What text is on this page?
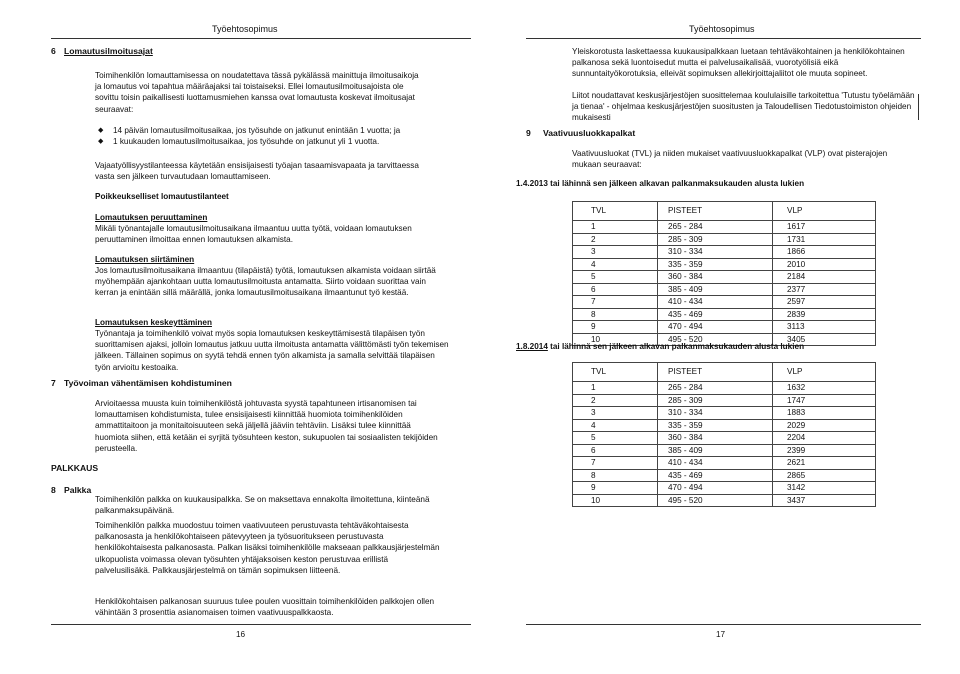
Työehtosopimus
6 Lomautusilmoitusajat

Toimihenkilön lomauttamisessa on noudatettava tässä pykälässä mainittuja ilmoitusaikoja ja lomautus voi tapahtua määräajaksi tai toistaiseksi. Ellei lomautusilmoitusajoista ole sovittu toisin paikallisesti luottamusmiehen kanssa ovat lomautusta koskevat ilmoitusajat seuraavat:

◆ 14 päivän lomautusilmoitusaikaa, jos työsuhde on jatkunut enintään 1 vuotta; ja
◆ 1 kuukauden lomautusilmoitusaikaa, jos työsuhde on jatkunut yli 1 vuotta.

Vajaatyöllisyystilanteessa käytetään ensisijaisesti työajan tasaamisvapaata ja tarvittaessa vasta sen jälkeen turvautudaan lomauttamiseen.

Poikkeukselliset lomautustilanteet
Lomautuksen peruuttaminen

Mikäli työnantajalle lomautusilmoitusaikana ilmaantuu uutta työtä, voidaan lomautuksen peruuttaminen ilmoittaa ennen lomautuksen alkamista.

Lomautuksen siirtäminen

Jos lomautusilmoitusaikana ilmaantuu (tilapäistä) työtä, lomautuksen alkamista voidaan siirtää myöhempään ajankohtaan uutta lomautusilmoitusta antamatta. Siirto voidaan suorittaa vain kerran ja enintään sillä määrällä, jonka lomautusilmoitusaikana ilmaantunut työ kestää.

Lomautuksen keskeyttäminen

Työnantaja ja toimihenkilö voivat myös sopia lomautuksen keskeyttämisestä tilapäisen työn suorittamisen ajaksi, jolloin lomautus jatkuu uutta ilmoitusta antamatta välittömästi työn tekemisen jälkeen. Tällainen sopimus on syytä tehdä ennen työn alkamista ja samalla selvittää tilapäisen työn arvioitu kestoaika.

7 Työvoiman vähentämisen kohdistuminen

Arvioitaessa muusta kuin toimihenkilöstä johtuvasta syystä tapahtuneen irtisanomisen tai lomauttamisen kohdistumista, tulee ensisijaisesti kiinnittää huomiota toimihenkilöiden ammattitaitoon ja monitaitoisuuteen sekä jäljellä jääviin tehtäviin. Lisäksi tulee kiinnittää huomiota siihen, että ketään ei syrjitä työsuhteen keston, sukupuolen tai sosiaalisten tekijöiden perusteella.

PALKKAUS
8 Palkka

Toimihenkilön palkka on kuukausipalkka. Se on maksettava ennakolta ilmoitettuna, kiinteänä palkanmaksupäivänä.

Toimihenkilön palkka muodostuu toimen vaativuuteen perustuvasta tehtäväkohtaisesta palkanosasta ja henkilökohtaiseen pätevyyteen ja työsuoritukseen perustuvasta henkilökohtaisesta palkanosasta. Palkan lisäksi toimihenkilölle makseaan palkkausjärjestelmän ulkopuolista voimassa olevan työsuhten yhtäjaksoisen keston perustuvaa erillistä palvelusilisäkä. Palkkausjärjestelmä on tämän sopimuksen liitteenä.

Henkilökohtaisen palkanosan suuruus tulee poulen vuosittain toimihenkilöiden palkkojen ollen vähintään 3 prosenttia asianomaisen toimen vaativuuspalkkaosta.

16
Työehtosopimus

Yleiskorotusta laskettaessa kuukausipalkkaan luetaan tehtäväkohtainen ja henkilökohtainen palkanosa sekä luontoisedut mutta ei palvelusaikalisää, vuorotyölisiä eikä sunnuntaityökorotuksia, elleivät sopimuksen allekirjoittajaliitot ole muuta sopineet.

Liitot noudattavat keskusjärjestöjen suosittelemaa koululaisille tarkoitettua 'Tutustu työelämään ja tienaa' - ohjelmaa keskusjärjestöjen suositusten ja Taloudellisen Tiedotustoimiston ohjeiden mukaisesti

9 Vaativuusluokkapalkat

Vaativuusluokat (TVL) ja niiden mukaiset vaativuusluokkapalkat (VLP) ovat pisterajojen mukaan seuraavat:

1.4.2013 tai lähinnä sen jälkeen alkavan palkanmaksukauden alusta lukien
TVL	PISTEET	VLP
1	265 - 284	1617
2	285 - 309	1731
3	310 - 334	1866
4	335 - 359	2010
5	360 - 384	2184
6	385 - 409	2377
7	410 - 434	2597
8	435 - 469	2839
9	470 - 494	3113
10	495 - 520	3405
1.8.2014 tai lähinnä sen jälkeen alkavan palkanmaksukauden alusta lukien
TVL	PISTEET	VLP
1	265 - 284	1632
2	285 - 309	1747
3	310 - 334	1883
4	335 - 359	2029
5	360 - 384	2204
6	385 - 409	2399
7	410 - 434	2621
8	435 - 469	2865
9	470 - 494	3142
10	495 - 520	3437
17
